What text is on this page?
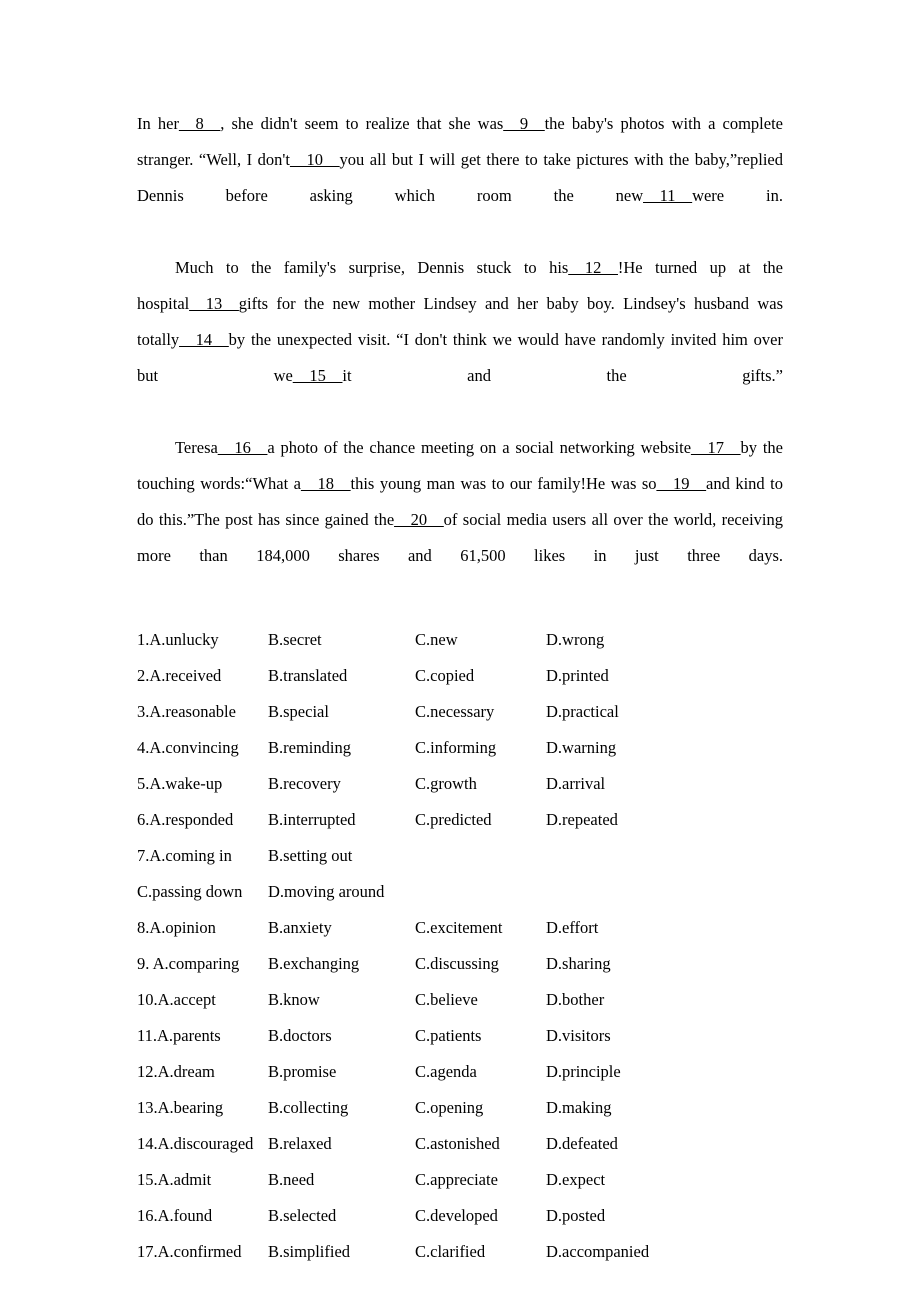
In her__8__, she didn't seem to realize that she was__9__the baby's photos with a complete stranger. “Well, I don't__10__you all but I will get there to take pictures with the baby,”replied Dennis before asking which room the new__11__were in.
Much to the family's surprise, Dennis stuck to his__12__!He turned up at the hospital__13__gifts for the new mother Lindsey and her baby boy. Lindsey's husband was totally__14__by the unexpected visit. “I don't think we would have randomly invited him over but we__15__it and the gifts.”
Teresa__16__a photo of the chance meeting on a social networking website__17__by the touching words:“What a__18__this young man was to our family!He was so__19__and kind to do this.”The post has since gained the__20__of social media users all over the world, receiving more than 184,000 shares and 61,500 likes in just three days.
1.A.unlucky	B.secret	C.new	D.wrong
2.A.received	B.translated	C.copied	D.printed
3.A.reasonable B.special	C.necessary	D.practical
4.A.convincing B.reminding	C.informing	D.warning
5.A.wake-up	B.recovery	C.growth	D.arrival
6.A.responded B.interrupted	C.predicted	D.repeated
7.A.coming in B.setting out
C.passing down D.moving around
8.A.opinion	B.anxiety	C.excitement	D.effort
9. A.comparing B.exchanging	C.discussing	D.sharing
10.A.accept	B.know	C.believe	D.bother
11.A.parents	B.doctors	C.patients	D.visitors
12.A.dream	B.promise	C.agenda	D.principle
13.A.bearing	B.collecting	C.opening	D.making
14.A.discouraged B.relaxed	C.astonished	D.defeated
15.A.admit	B.need	C.appreciate	D.expect
16.A.found	B.selected	C.developed	D.posted
17.A.confirmed B.simplified	C.clarified	D.accompanied
